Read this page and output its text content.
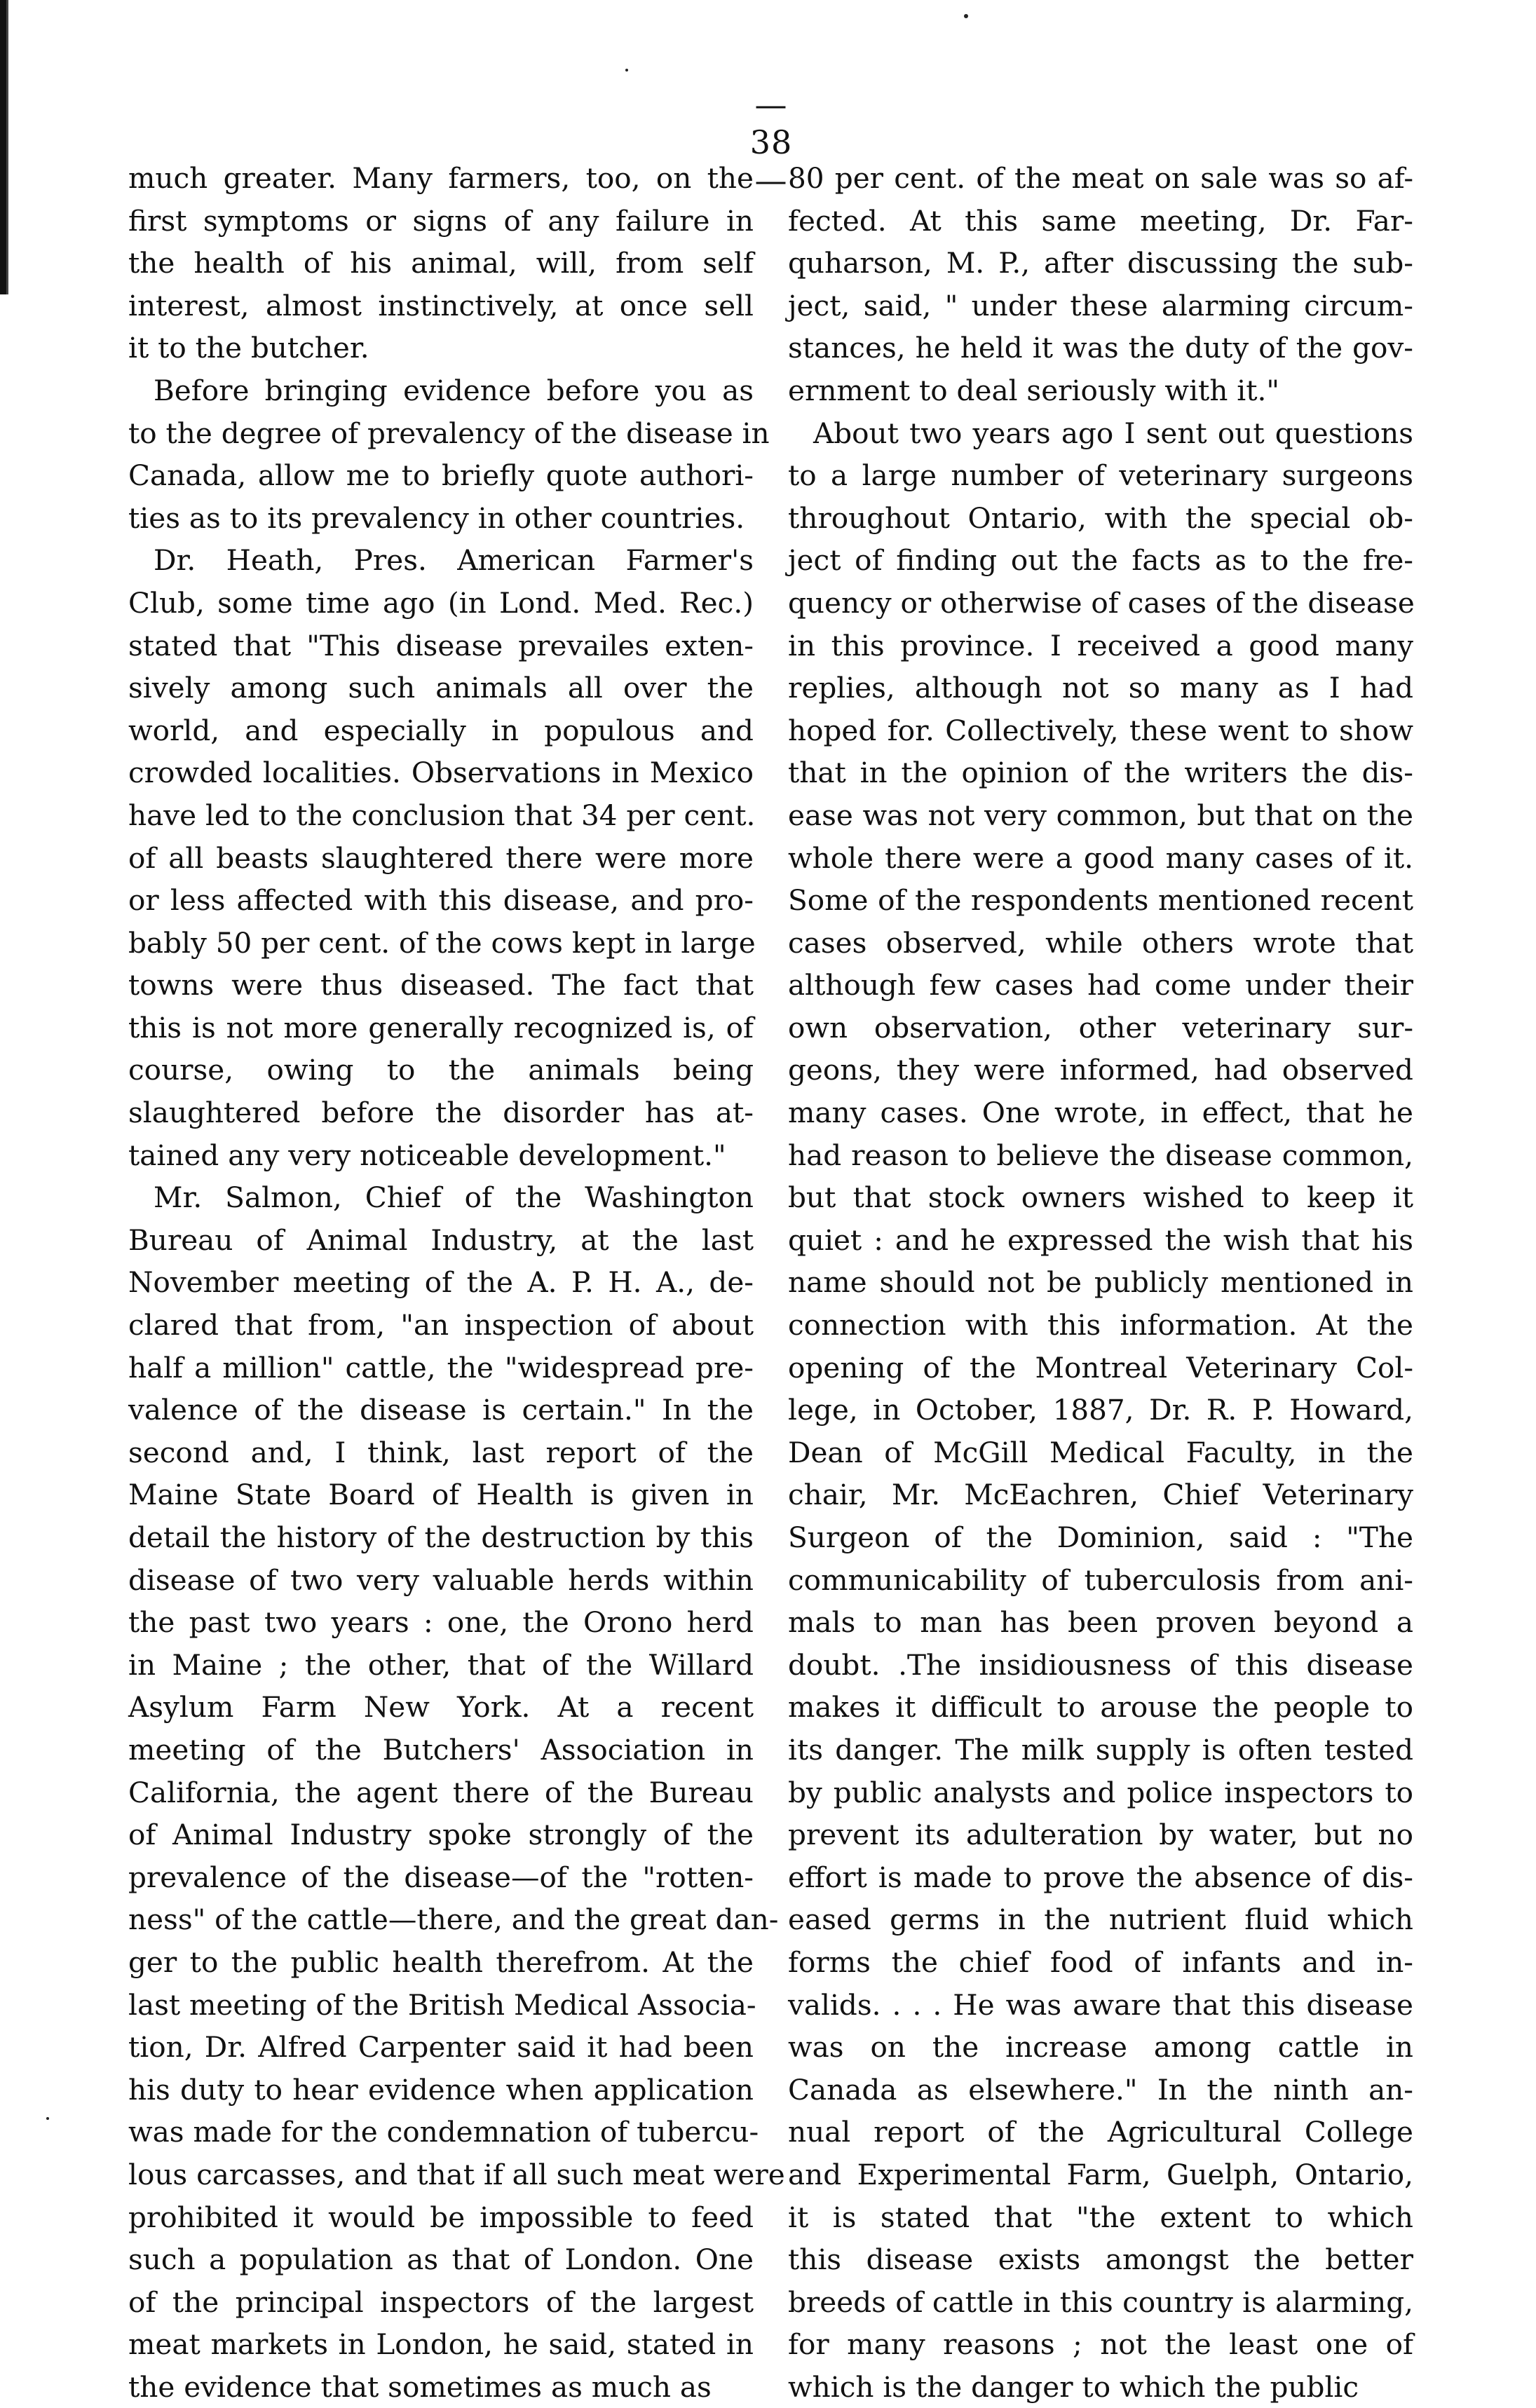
— 38 —
much greater. Many farmers, too, on the
first symptoms or signs of any failure in
the health of his animal, will, from self
interest, almost instinctively, at once sell
it to the butcher.
Before bringing evidence before you as
to the degree of prevalency of the disease in
Canada, allow me to briefly quote authori-
ties as to its prevalency in other countries.
Dr. Heath, Pres. American Farmer's
Club, some time ago (in Lond. Med. Rec.)
stated that "This disease prevailes exten-
sively among such animals all over the
world, and especially in populous and
crowded localities. Observations in Mexico
have led to the conclusion that 34 per cent.
of all beasts slaughtered there were more
or less affected with this disease, and pro-
bably 50 per cent. of the cows kept in large
towns were thus diseased. The fact that
this is not more generally recognized is, of
course, owing to the animals being
slaughtered before the disorder has at-
tained any very noticeable development."
Mr. Salmon, Chief of the Washington
Bureau of Animal Industry, at the last
November meeting of the A. P. H. A., de-
clared that from, "an inspection of about
half a million" cattle, the "widespread pre-
valence of the disease is certain." In the
second and, I think, last report of the
Maine State Board of Health is given in
detail the history of the destruction by this
disease of two very valuable herds within
the past two years : one, the Orono herd
in Maine ; the other, that of the Willard
Asylum Farm New York. At a recent
meeting of the Butchers' Association in
California, the agent there of the Bureau
of Animal Industry spoke strongly of the
prevalence of the disease—of the "rotten-
ness" of the cattle—there, and the great dan-
ger to the public health therefrom. At the
last meeting of the British Medical Associa-
tion, Dr. Alfred Carpenter said it had been
his duty to hear evidence when application
was made for the condemnation of tubercu-
lous carcasses, and that if all such meat were
prohibited it would be impossible to feed
such a population as that of London. One
of the principal inspectors of the largest
meat markets in London, he said, stated in
the evidence that sometimes as much as
80 per cent. of the meat on sale was so af-
fected. At this same meeting, Dr. Far-
quharson, M. P., after discussing the sub-
ject, said, " under these alarming circum-
stances, he held it was the duty of the gov-
ernment to deal seriously with it."
About two years ago I sent out questions
to a large number of veterinary surgeons
throughout Ontario, with the special ob-
ject of finding out the facts as to the fre-
quency or otherwise of cases of the disease
in this province. I received a good many
replies, although not so many as I had
hoped for. Collectively, these went to show
that in the opinion of the writers the dis-
ease was not very common, but that on the
whole there were a good many cases of it.
Some of the respondents mentioned recent
cases observed, while others wrote that
although few cases had come under their
own observation, other veterinary sur-
geons, they were informed, had observed
many cases. One wrote, in effect, that he
had reason to believe the disease common,
but that stock owners wished to keep it
quiet : and he expressed the wish that his
name should not be publicly mentioned in
connection with this information. At the
opening of the Montreal Veterinary Col-
lege, in October, 1887, Dr. R. P. Howard,
Dean of McGill Medical Faculty, in the
chair, Mr. McEachren, Chief Veterinary
Surgeon of the Dominion, said : "The
communicability of tuberculosis from ani-
mals to man has been proven beyond a
doubt. .The insidiousness of this disease
makes it difficult to arouse the people to
its danger. The milk supply is often tested
by public analysts and police inspectors to
prevent its adulteration by water, but no
effort is made to prove the absence of dis-
eased germs in the nutrient fluid which
forms the chief food of infants and in-
valids. . . . He was aware that this disease
was on the increase among cattle in
Canada as elsewhere." In the ninth an-
nual report of the Agricultural College
and Experimental Farm, Guelph, Ontario,
it is stated that "the extent to which
this disease exists amongst the better
breeds of cattle in this country is alarming,
for many reasons ; not the least one of
which is the danger to which the public
